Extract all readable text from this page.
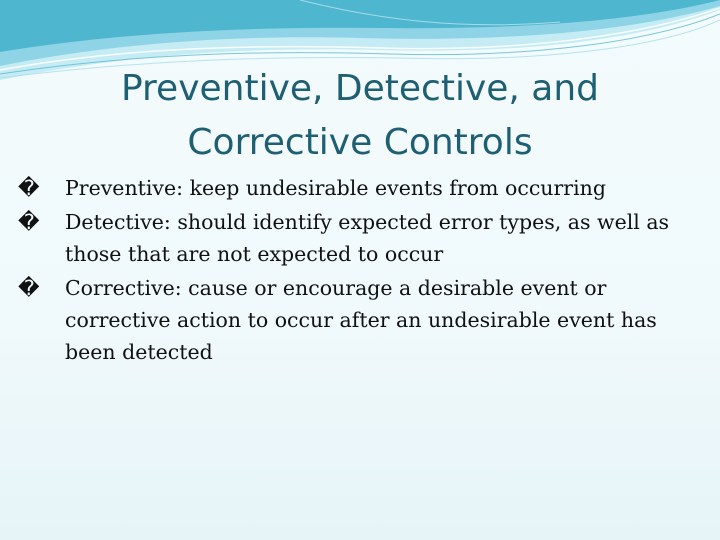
Preventive, Detective, and
Corrective Controls
� Preventive: keep undesirable events from occurring
� Detective: should identify expected error types, as well as those that are not expected to occur
� Corrective: cause or encourage a desirable event or corrective action to occur after an undesirable event has been detected
